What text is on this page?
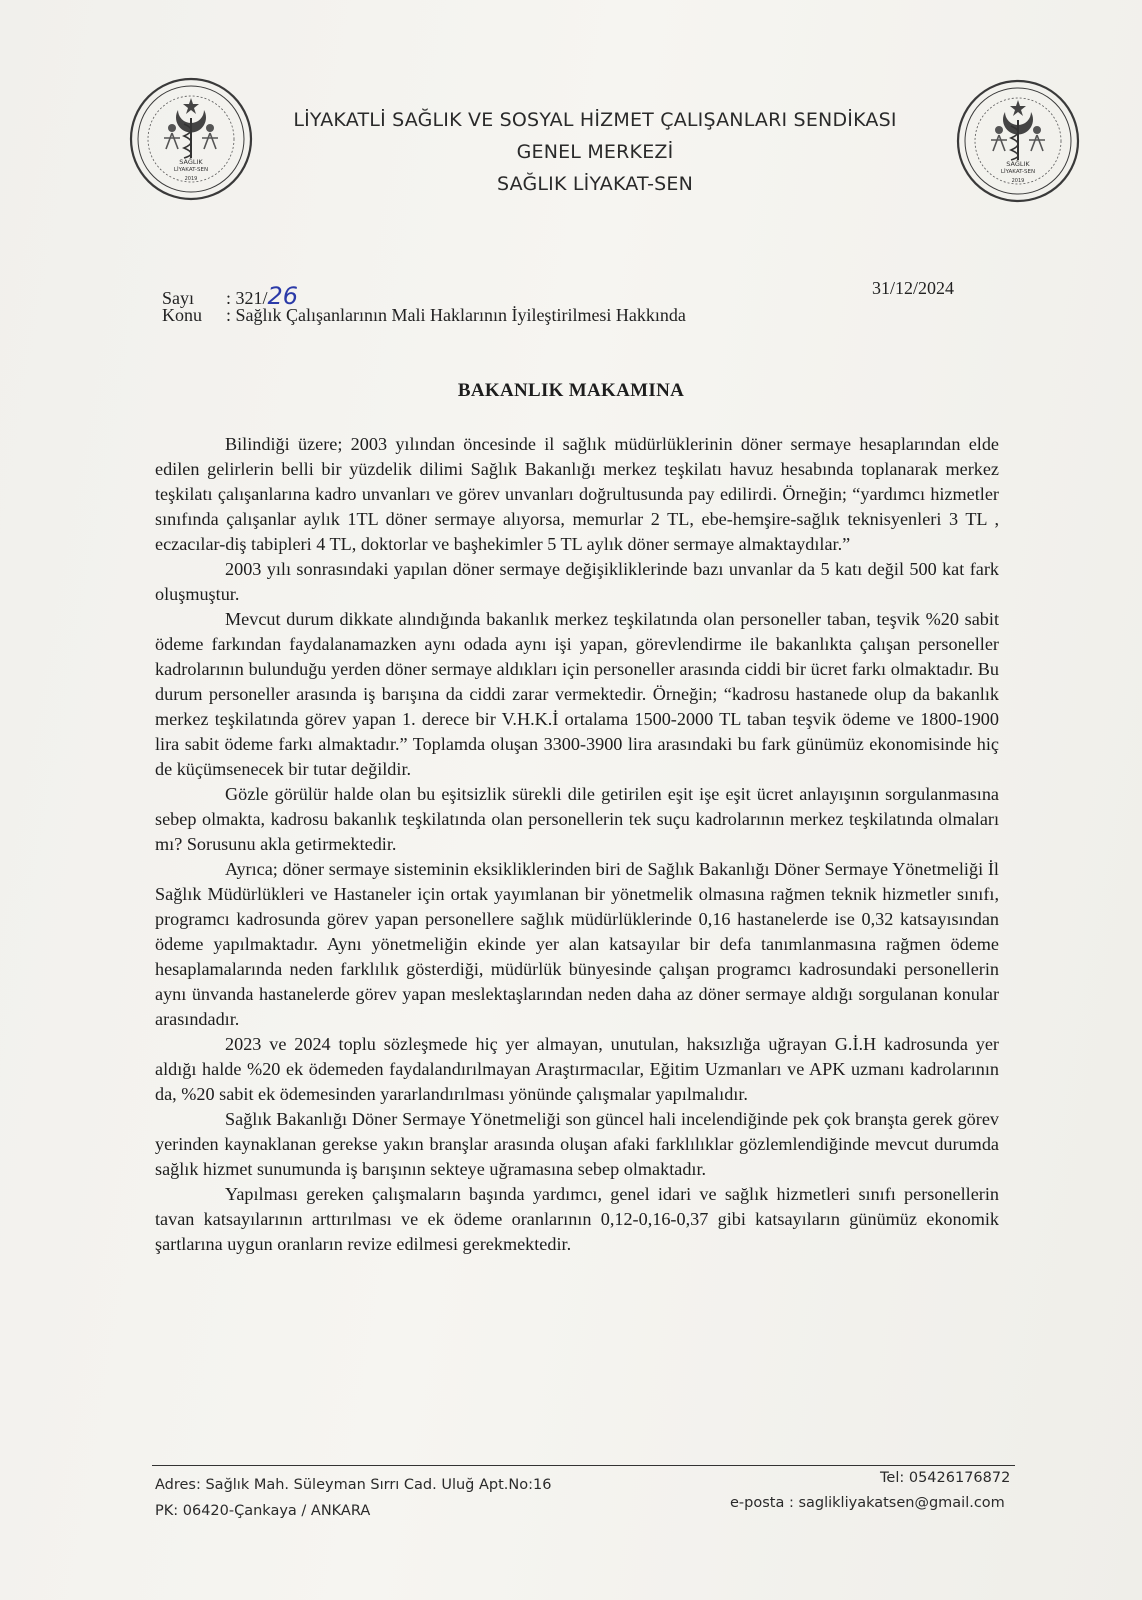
SAĞLIK
LİYAKAT-SEN
2019
SAĞLIK
LİYAKAT-SEN
2019
LİYAKATLİ SAĞLIK VE SOSYAL HİZMET ÇALIŞANLARI SENDİKASI
GENEL MERKEZİ
SAĞLIK LİYAKAT-SEN
Sayı : 321/26
Konu : Sağlık Çalışanlarının Mali Haklarının İyileştirilmesi Hakkında
31/12/2024
BAKANLIK MAKAMINA

Bilindiği üzere; 2003 yılından öncesinde il sağlık müdürlüklerinin döner sermaye hesaplarından elde edilen gelirlerin belli bir yüzdelik dilimi Sağlık Bakanlığı merkez teşkilatı havuz hesabında toplanarak merkez teşkilatı çalışanlarına kadro unvanları ve görev unvanları doğrultusunda pay edilirdi. Örneğin; “yardımcı hizmetler sınıfında çalışanlar aylık 1TL döner sermaye alıyorsa, memurlar 2 TL, ebe-hemşire-sağlık teknisyenleri 3 TL , eczacılar-diş tabipleri 4 TL, doktorlar ve başhekimler 5 TL aylık döner sermaye almaktaydılar.”

2003 yılı sonrasındaki yapılan döner sermaye değişikliklerinde bazı unvanlar da 5 katı değil 500 kat fark oluşmuştur.

Mevcut durum dikkate alındığında bakanlık merkez teşkilatında olan personeller taban, teşvik %20 sabit ödeme farkından faydalanamazken aynı odada aynı işi yapan, görevlendirme ile bakanlıkta çalışan personeller kadrolarının bulunduğu yerden döner sermaye aldıkları için personeller arasında ciddi bir ücret farkı olmaktadır. Bu durum personeller arasında iş barışına da ciddi zarar vermektedir. Örneğin; “kadrosu hastanede olup da bakanlık merkez teşkilatında görev yapan 1. derece bir V.H.K.İ ortalama 1500-2000 TL taban teşvik ödeme ve 1800-1900 lira sabit ödeme farkı almaktadır.” Toplamda oluşan 3300-3900 lira arasındaki bu fark günümüz ekonomisinde hiç de küçümsenecek bir tutar değildir.

Gözle görülür halde olan bu eşitsizlik sürekli dile getirilen eşit işe eşit ücret anlayışının sorgulanmasına sebep olmakta, kadrosu bakanlık teşkilatında olan personellerin tek suçu kadrolarının merkez teşkilatında olmaları mı? Sorusunu akla getirmektedir.

Ayrıca; döner sermaye sisteminin eksikliklerinden biri de Sağlık Bakanlığı Döner Sermaye Yönetmeliği İl Sağlık Müdürlükleri ve Hastaneler için ortak yayımlanan bir yönetmelik olmasına rağmen teknik hizmetler sınıfı, programcı kadrosunda görev yapan personellere sağlık müdürlüklerinde 0,16 hastanelerde ise 0,32 katsayısından ödeme yapılmaktadır. Aynı yönetmeliğin ekinde yer alan katsayılar bir defa tanımlanmasına rağmen ödeme hesaplamalarında neden farklılık gösterdiği, müdürlük bünyesinde çalışan programcı kadrosundaki personellerin aynı ünvanda hastanelerde görev yapan meslektaşlarından neden daha az döner sermaye aldığı sorgulanan konular arasındadır.

2023 ve 2024 toplu sözleşmede hiç yer almayan, unutulan, haksızlığa uğrayan G.İ.H kadrosunda yer aldığı halde %20 ek ödemeden faydalandırılmayan Araştırmacılar, Eğitim Uzmanları ve APK uzmanı kadrolarının da, %20 sabit ek ödemesinden yararlandırılması yönünde çalışmalar yapılmalıdır.

Sağlık Bakanlığı Döner Sermaye Yönetmeliği son güncel hali incelendiğinde pek çok branşta gerek görev yerinden kaynaklanan gerekse yakın branşlar arasında oluşan afaki farklılıklar gözlemlendiğinde mevcut durumda sağlık hizmet sunumunda iş barışının sekteye uğramasına sebep olmaktadır.

Yapılması gereken çalışmaların başında yardımcı, genel idari ve sağlık hizmetleri sınıfı personellerin tavan katsayılarının arttırılması ve ek ödeme oranlarının 0,12-0,16-0,37 gibi katsayıların günümüz ekonomik şartlarına uygun oranların revize edilmesi gerekmektedir.

Adres: Sağlık Mah. Süleyman Sırrı Cad. Uluğ Apt.No:16
PK: 06420-Çankaya / ANKARA
Tel: 05426176872
e-posta : saglikliyakatsen@gmail.com
